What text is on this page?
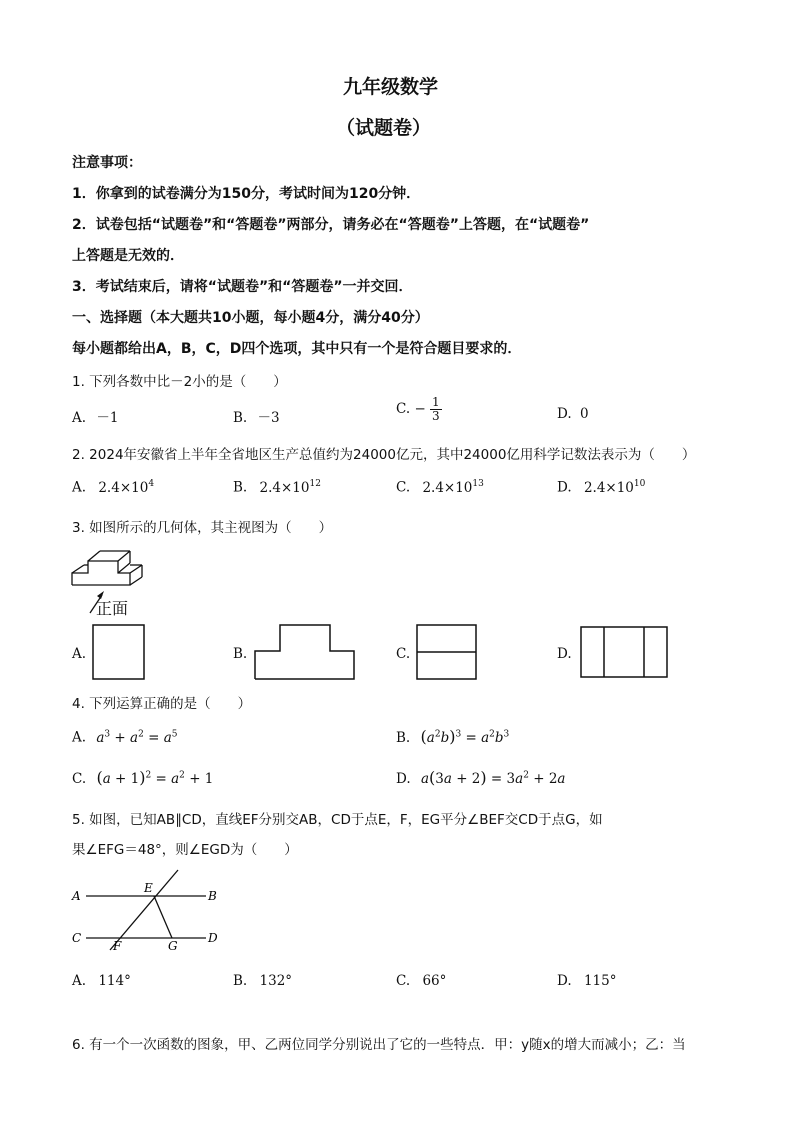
九年级数学
（试题卷）
注意事项：
1．你拿到的试卷满分为150分，考试时间为120分钟．
2．试卷包括“试题卷”和“答题卷”两部分，请务必在“答题卷”上答题，在“试题卷”
上答题是无效的．
3．考试结束后，请将“试题卷”和“答题卷”一并交回．
一、选择题（本大题共10小题，每小题4分，满分40分）
每小题都给出A，B，C，D四个选项，其中只有一个是符合题目要求的．
1. 下列各数中比－2小的是（　　）
A. －1	B. －3
C. − $\frac{1}{3}$	D. 0
2. 2024年安徽省上半年全省地区生产总值约为24000亿元，其中24000亿用科学记数法表示为（　　）
A. $2.4\times 10^4$	B. $2.4\times 10^{12}$	C. $2.4\times 10^{13}$	D. $2.4\times 10^{10}$
3. 如图所示的几何体，其主视图为（　　）
正面
A.	B.	C.	D.
4. 下列运算正确的是（　　）
A. $a^3 + a^2 = a^5$	B. $(a^2b)^3 = a^2b^3$
C. $(a + 1)^2 = a^2 + 1$	D. $a(3a + 2) = 3a^2 + 2a$
5. 如图，已知AB∥CD，直线EF分别交AB，CD于点E，F，EG平分∠BEF交CD于点G，如
果∠EFG＝48°，则∠EGD为（　　）
A	B
C	D
E
F	G
A. 114°	B. 132°	C. 66°	D. 115°
6. 有一个一次函数的图象，甲、乙两位同学分别说出了它的一些特点．甲：y随x的增大而减小；乙：当
